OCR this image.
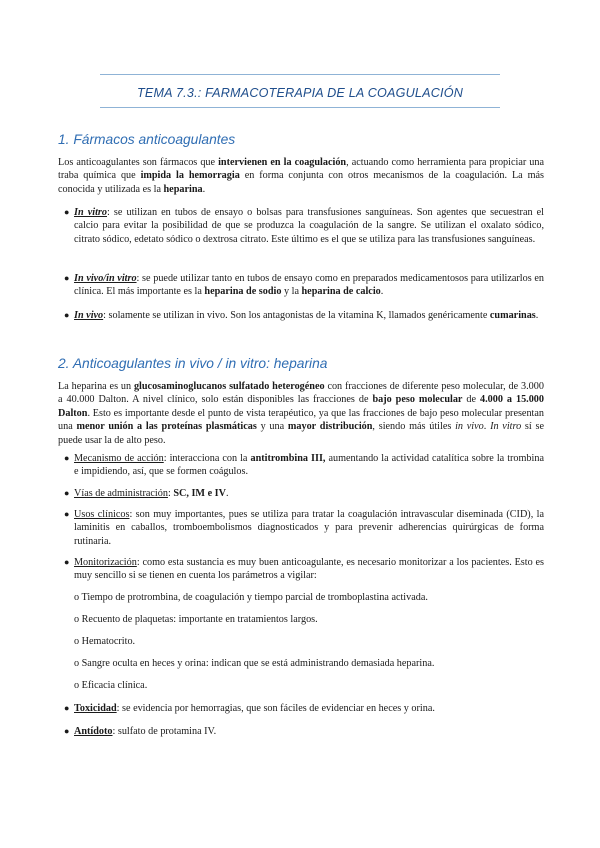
TEMA 7.3.: FARMACOTERAPIA DE LA COAGULACIÓN
1. Fármacos anticoagulantes
Los anticoagulantes son fármacos que intervienen en la coagulación, actuando como herramienta para propiciar una traba química que impida la hemorragia en forma conjunta con otros mecanismos de la coagulación. La más conocida y utilizada es la heparina.
● In vitro: se utilizan en tubos de ensayo o bolsas para transfusiones sanguíneas. Son agentes que secuestran el calcio para evitar la posibilidad de que se produzca la coagulación de la sangre. Se utilizan el oxalato sódico, citrato sódico, edetato sódico o dextrosa citrato. Este último es el que se utiliza para las transfusiones sanguíneas.
● In vivo/in vitro: se puede utilizar tanto en tubos de ensayo como en preparados medicamentosos para utilizarlos en clínica. El más importante es la heparina de sodio y la heparina de calcio.
● In vivo: solamente se utilizan in vivo. Son los antagonistas de la vitamina K, llamados genéricamente cumarinas.
2. Anticoagulantes in vivo / in vitro: heparina
La heparina es un glucosaminoglucanos sulfatado heterogéneo con fracciones de diferente peso molecular, de 3.000 a 40.000 Dalton. A nivel clínico, solo están disponibles las fracciones de bajo peso molecular de 4.000 a 15.000 Dalton. Esto es importante desde el punto de vista terapéutico, ya que las fracciones de bajo peso molecular presentan una menor unión a las proteínas plasmáticas y una mayor distribución, siendo más útiles in vivo. In vitro sí se puede usar la de alto peso.
● Mecanismo de acción: interacciona con la antitrombina III, aumentando la actividad catalítica sobre la trombina e impidiendo, así, que se formen coágulos.
● Vías de administración: SC, IM e IV.
● Usos clínicos: son muy importantes, pues se utiliza para tratar la coagulación intravascular diseminada (CID), la laminitis en caballos, tromboembolismos diagnosticados y para prevenir adherencias quirúrgicas de forma rutinaria.
● Monitorización: como esta sustancia es muy buen anticoagulante, es necesario monitorizar a los pacientes. Esto es muy sencillo si se tienen en cuenta los parámetros a vigilar:
o Tiempo de protrombina, de coagulación y tiempo parcial de tromboplastina activada.
o Recuento de plaquetas: importante en tratamientos largos.
o Hematocrito.
o Sangre oculta en heces y orina: indican que se está administrando demasiada heparina.
o Eficacia clínica.
● Toxicidad: se evidencia por hemorragias, que son fáciles de evidenciar en heces y orina.
● Antídoto: sulfato de protamina IV.
